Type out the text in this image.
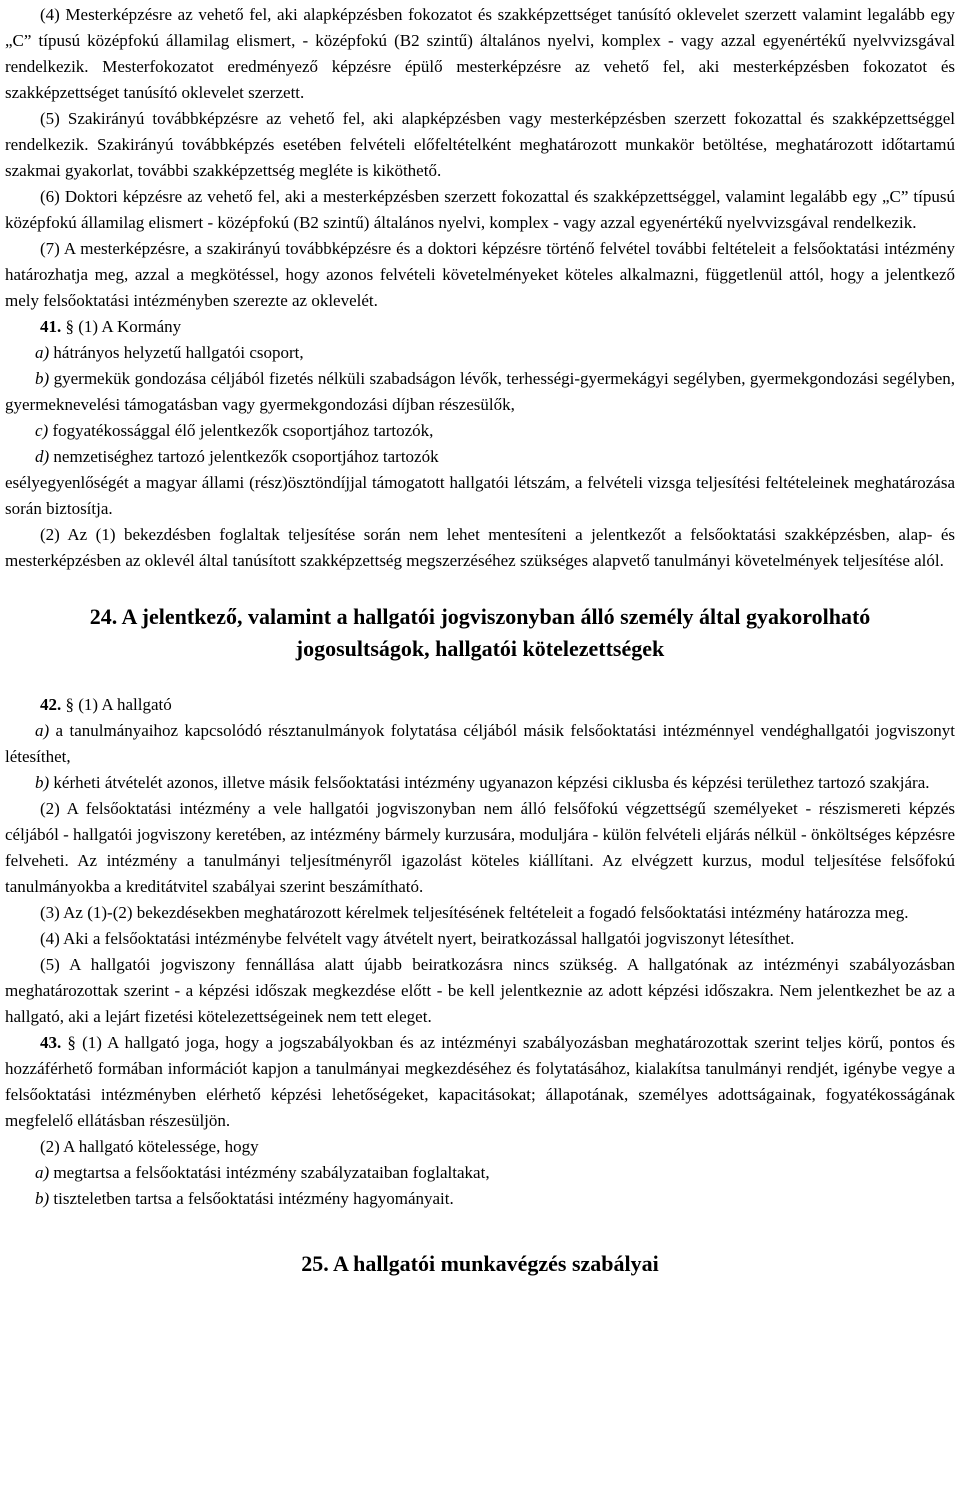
(4) Mesterképzésre az vehető fel, aki alapképzésben fokozatot és szakképzettséget tanúsító oklevelet szerzett valamint legalább egy „C” típusú középfokú államilag elismert, - középfokú (B2 szintű) általános nyelvi, komplex - vagy azzal egyenértékű nyelvvizsgával rendelkezik. Mesterfokozatot eredményező képzésre épülő mesterképzésre az vehető fel, aki mesterképzésben fokozatot és szakképzettséget tanúsító oklevelet szerzett.

(5) Szakirányú továbbképzésre az vehető fel, aki alapképzésben vagy mesterképzésben szerzett fokozattal és szakképzettséggel rendelkezik. Szakirányú továbbképzés esetében felvételi előfeltételként meghatározott munkakör betöltése, meghatározott időtartamú szakmai gyakorlat, további szakképzettség megléte is kiköthető.

(6) Doktori képzésre az vehető fel, aki a mesterképzésben szerzett fokozattal és szakképzettséggel, valamint legalább egy „C” típusú középfokú államilag elismert - középfokú (B2 szintű) általános nyelvi, komplex - vagy azzal egyenértékű nyelvvizsgával rendelkezik.

(7) A mesterképzésre, a szakirányú továbbképzésre és a doktori képzésre történő felvétel további feltételeit a felsőoktatási intézmény határozhatja meg, azzal a megkötéssel, hogy azonos felvételi követelményeket köteles alkalmazni, függetlenül attól, hogy a jelentkező mely felsőoktatási intézményben szerezte az oklevelét.

41. § (1) A Kormány

a) hátrányos helyzetű hallgatói csoport,

b) gyermekük gondozása céljából fizetés nélküli szabadságon lévők, terhességi-gyermekágyi segélyben, gyermekgondozási segélyben, gyermeknevelési támogatásban vagy gyermekgondozási díjban részesülők,

c) fogyatékossággal élő jelentkezők csoportjához tartozók,

d) nemzetiséghez tartozó jelentkezők csoportjához tartozók

esélyegyenlőségét a magyar állami (rész)ösztöndíjjal támogatott hallgatói létszám, a felvételi vizsga teljesítési feltételeinek meghatározása során biztosítja.

(2) Az (1) bekezdésben foglaltak teljesítése során nem lehet mentesíteni a jelentkezőt a felsőoktatási szakképzésben, alap- és mesterképzésben az oklevél által tanúsított szakképzettség megszerzéséhez szükséges alapvető tanulmányi követelmények teljesítése alól.

24. A jelentkező, valamint a hallgatói jogviszonyban álló személy által gyakorolható jogosultságok, hallgatói kötelezettségek

42. § (1) A hallgató

a) a tanulmányaihoz kapcsolódó résztanulmányok folytatása céljából másik felsőoktatási intézménnyel vendéghallgatói jogviszonyt létesíthet,

b) kérheti átvételét azonos, illetve másik felsőoktatási intézmény ugyanazon képzési ciklusba és képzési területhez tartozó szakjára.

(2) A felsőoktatási intézmény a vele hallgatói jogviszonyban nem álló felsőfokú végzettségű személyeket - részismereti képzés céljából - hallgatói jogviszony keretében, az intézmény bármely kurzusára, moduljára - külön felvételi eljárás nélkül - önköltséges képzésre felveheti. Az intézmény a tanulmányi teljesítményről igazolást köteles kiállítani. Az elvégzett kurzus, modul teljesítése felsőfokú tanulmányokba a kreditátvitel szabályai szerint beszámítható.

(3) Az (1)-(2) bekezdésekben meghatározott kérelmek teljesítésének feltételeit a fogadó felsőoktatási intézmény határozza meg.

(4) Aki a felsőoktatási intézménybe felvételt vagy átvételt nyert, beiratkozással hallgatói jogviszonyt létesíthet.

(5) A hallgatói jogviszony fennállása alatt újabb beiratkozásra nincs szükség. A hallgatónak az intézményi szabályozásban meghatározottak szerint - a képzési időszak megkezdése előtt - be kell jelentkeznie az adott képzési időszakra. Nem jelentkezhet be az a hallgató, aki a lejárt fizetési kötelezettségeinek nem tett eleget.

43. § (1) A hallgató joga, hogy a jogszabályokban és az intézményi szabályozásban meghatározottak szerint teljes körű, pontos és hozzáférhető formában információt kapjon a tanulmányai megkezdéséhez és folytatásához, kialakítsa tanulmányi rendjét, igénybe vegye a felsőoktatási intézményben elérhető képzési lehetőségeket, kapacitásokat; állapotának, személyes adottságainak, fogyatékosságának megfelelő ellátásban részesüljön.

(2) A hallgató kötelessége, hogy

a) megtartsa a felsőoktatási intézmény szabályzataiban foglaltakat,

b) tiszteletben tartsa a felsőoktatási intézmény hagyományait.

25. A hallgatói munkavégzés szabályai
